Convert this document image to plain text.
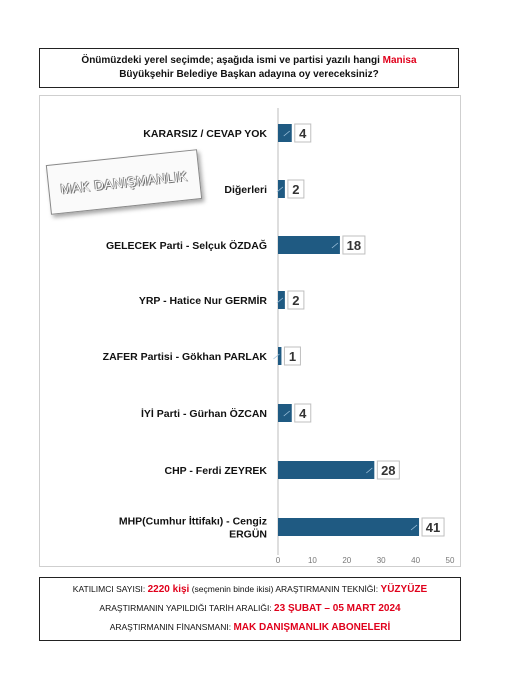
Önümüzdeki yerel seçimde; aşağıda ismi ve partisi yazılı hangi Manisa
Büyükşehir Belediye Başkan adayına oy vereceksiniz?
4
KARARSIZ / CEVAP YOK
2
Diğerleri
18
GELECEK Parti - Selçuk ÖZDAĞ
2
YRP - Hatice Nur GERMİR
1
ZAFER Partisi - Gökhan PARLAK
4
İYİ Parti - Gürhan ÖZCAN
28
CHP - Ferdi ZEYREK
41
MHP(Cumhur İttifakı) - Cengiz
ERGÜN
0	10	20	30	40	50
MAK DANIŞMANLIK
KATILIMCI SAYISI: 2220 kişi (seçmenin binde ikisi) ARAŞTIRMANIN TEKNİĞİ: YÜZYÜZE
ARAŞTIRMANIN YAPILDIĞI TARİH ARALIĞI: 23 ŞUBAT – 05 MART 2024
ARAŞTIRMANIN FİNANSMANI: MAK DANIŞMANLIK ABONELERİ
